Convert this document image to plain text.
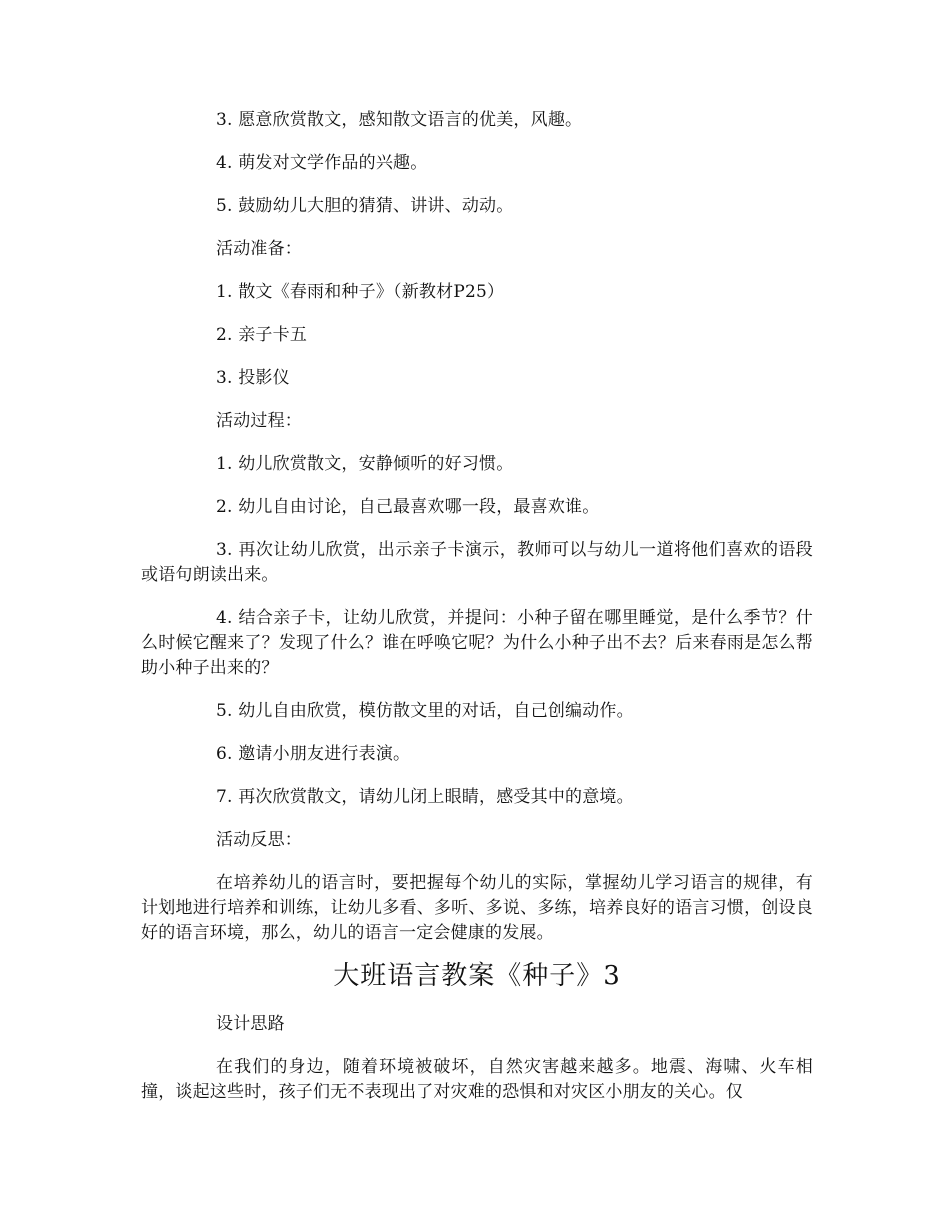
3. 愿意欣赏散文，感知散文语言的优美，风趣。

4. 萌发对文学作品的兴趣。

5. 鼓励幼儿大胆的猜猜、讲讲、动动。

活动准备：

1. 散文《春雨和种子》（新教材P25）

2. 亲子卡五

3. 投影仪

活动过程：

1. 幼儿欣赏散文，安静倾听的好习惯。

2. 幼儿自由讨论，自己最喜欢哪一段，最喜欢谁。

3. 再次让幼儿欣赏，出示亲子卡演示，教师可以与幼儿一道将他们喜欢的语段或语句朗读出来。

4. 结合亲子卡，让幼儿欣赏，并提问：小种子留在哪里睡觉，是什么季节？什么时候它醒来了？发现了什么？谁在呼唤它呢？为什么小种子出不去？后来春雨是怎么帮助小种子出来的？

5. 幼儿自由欣赏，模仿散文里的对话，自己创编动作。

6. 邀请小朋友进行表演。

7. 再次欣赏散文，请幼儿闭上眼睛，感受其中的意境。

活动反思：

在培养幼儿的语言时，要把握每个幼儿的实际，掌握幼儿学习语言的规律，有计划地进行培养和训练，让幼儿多看、多听、多说、多练，培养良好的语言习惯，创设良好的语言环境，那么，幼儿的语言一定会健康的发展。

大班语言教案《种子》3

设计思路

在我们的身边，随着环境被破坏，自然灾害越来越多。地震、海啸、火车相撞，谈起这些时，孩子们无不表现出了对灾难的恐惧和对灾区小朋友的关心。仅
